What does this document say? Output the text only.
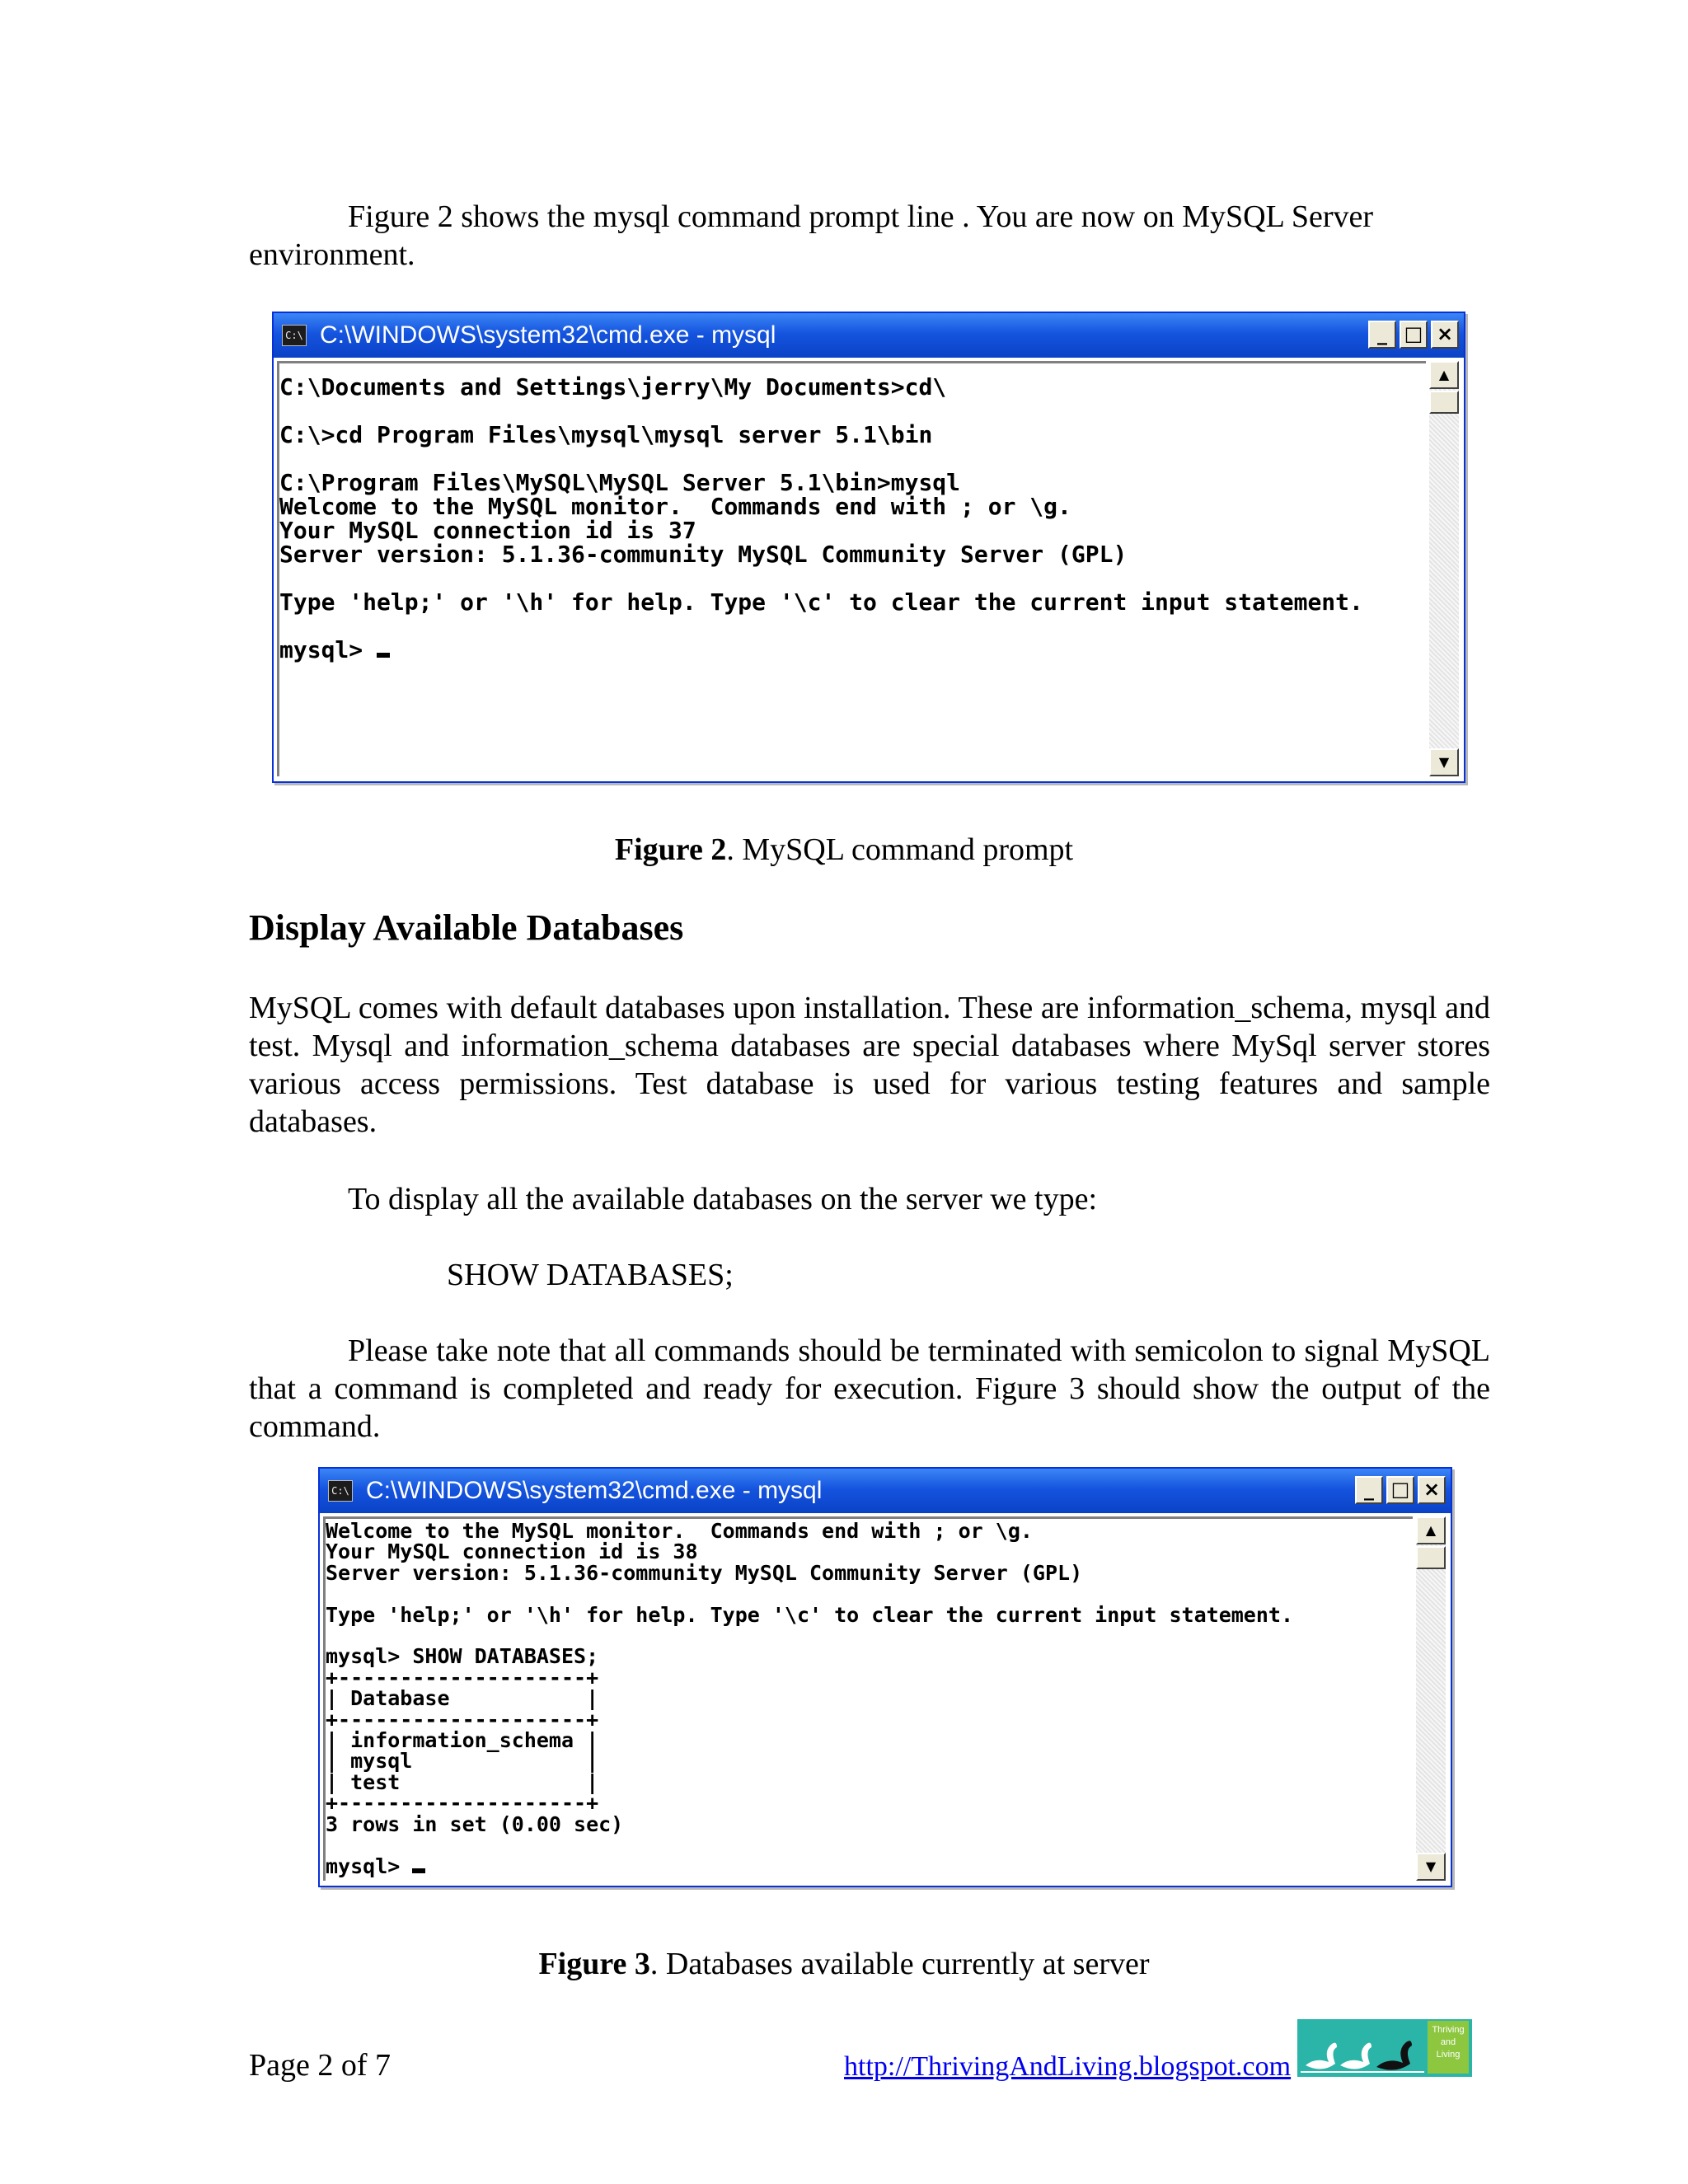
Figure 2 shows the mysql command prompt line . You are now on MySQL Server environment.

C:\ C:\WINDOWS\system32\cmd.exe - mysql	_ □ ×
C:\Documents and Settings\jerry\My Documents>cd\

C:\>cd Program Files\mysql\mysql server 5.1\bin

C:\Program Files\MySQL\MySQL Server 5.1\bin>mysql
Welcome to the MySQL monitor.  Commands end with ; or \g.
Your MySQL connection id is 37
Server version: 5.1.36-community MySQL Community Server (GPL)

Type 'help;' or '\h' for help. Type '\c' to clear the current input statement.

mysql>
▲
▼

Figure 2. MySQL command prompt

Display Available Databases

MySQL comes with default databases upon installation. These are information_schema, mysql and test. Mysql and information_schema databases are special databases where MySql server stores various access permissions. Test database is used for various testing features and sample databases.

To display all the available databases on the server we type:

SHOW DATABASES;

Please take note that all commands should be terminated with semicolon to signal MySQL that a command is completed and ready for execution. Figure 3 should show the output of the command.

C:\ C:\WINDOWS\system32\cmd.exe - mysql	_ □ ×
Welcome to the MySQL monitor.  Commands end with ; or \g.
Your MySQL connection id is 38
Server version: 5.1.36-community MySQL Community Server (GPL)

Type 'help;' or '\h' for help. Type '\c' to clear the current input statement.

mysql> SHOW DATABASES;
+--------------------+
| Database           |
+--------------------+
| information_schema |
| mysql              |
| test               |
+--------------------+
3 rows in set (0.00 sec)

mysql>
▲
▼

Figure 3. Databases available currently at server

Page 2 of 7	http://ThrivingAndLiving.blogspot.com
Thriving and Living
